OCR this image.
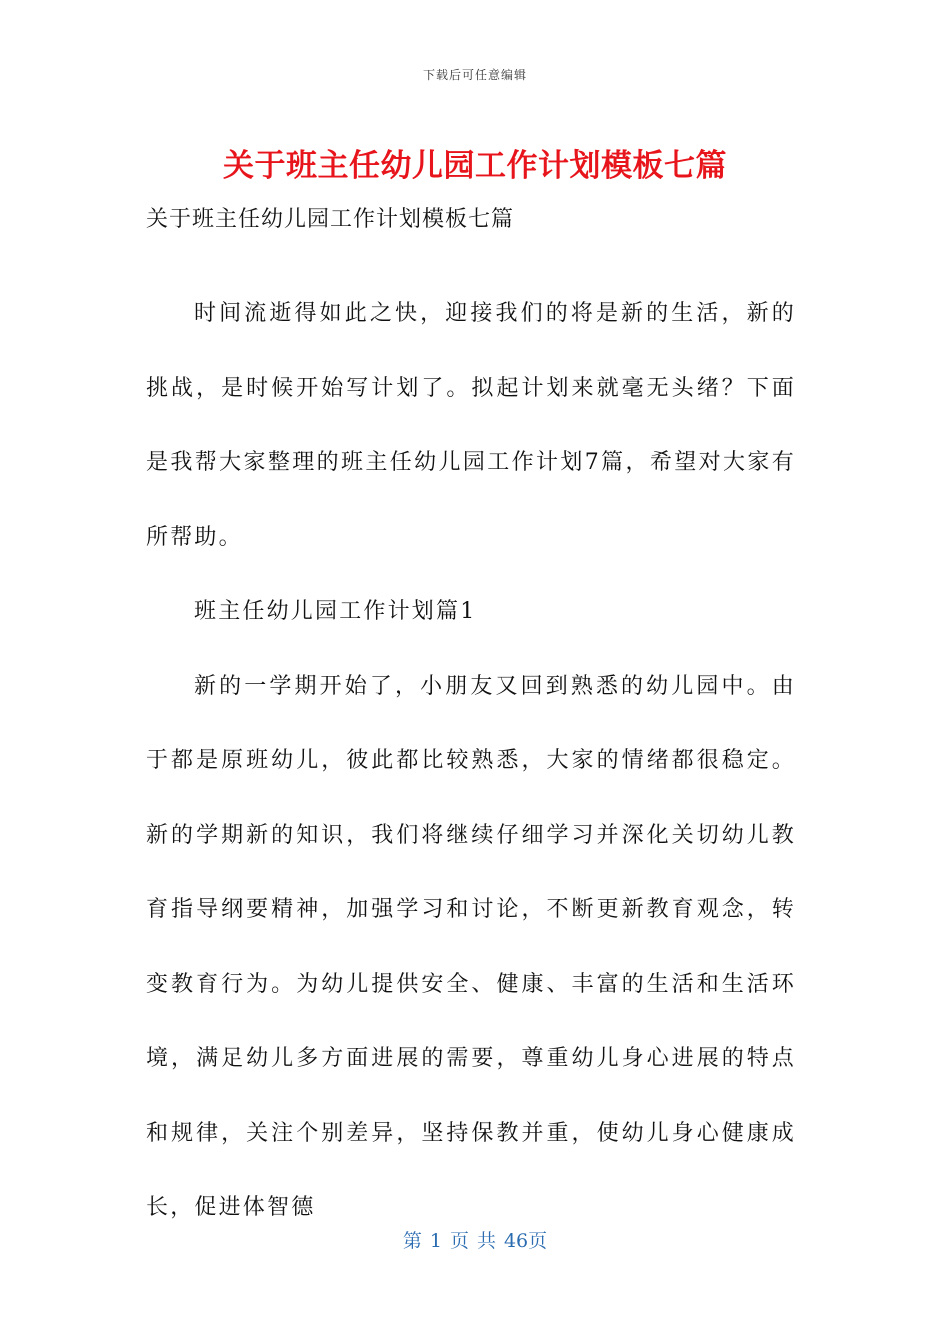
下载后可任意编辑
关于班主任幼儿园工作计划模板七篇
关于班主任幼儿园工作计划模板七篇

时间流逝得如此之快，迎接我们的将是新的生活，新的挑战，是时候开始写计划了。拟起计划来就毫无头绪？下面是我帮大家整理的班主任幼儿园工作计划7篇，希望对大家有所帮助。

班主任幼儿园工作计划篇1

新的一学期开始了，小朋友又回到熟悉的幼儿园中。由于都是原班幼儿，彼此都比较熟悉，大家的情绪都很稳定。新的学期新的知识，我们将继续仔细学习并深化关切幼儿教育指导纲要精神，加强学习和讨论，不断更新教育观念，转变教育行为。为幼儿提供安全、健康、丰富的生活和生活环境，满足幼儿多方面进展的需要，尊重幼儿身心进展的特点和规律，关注个别差异，坚持保教并重，使幼儿身心健康成长，促进体智德

第 1 页 共 46页
